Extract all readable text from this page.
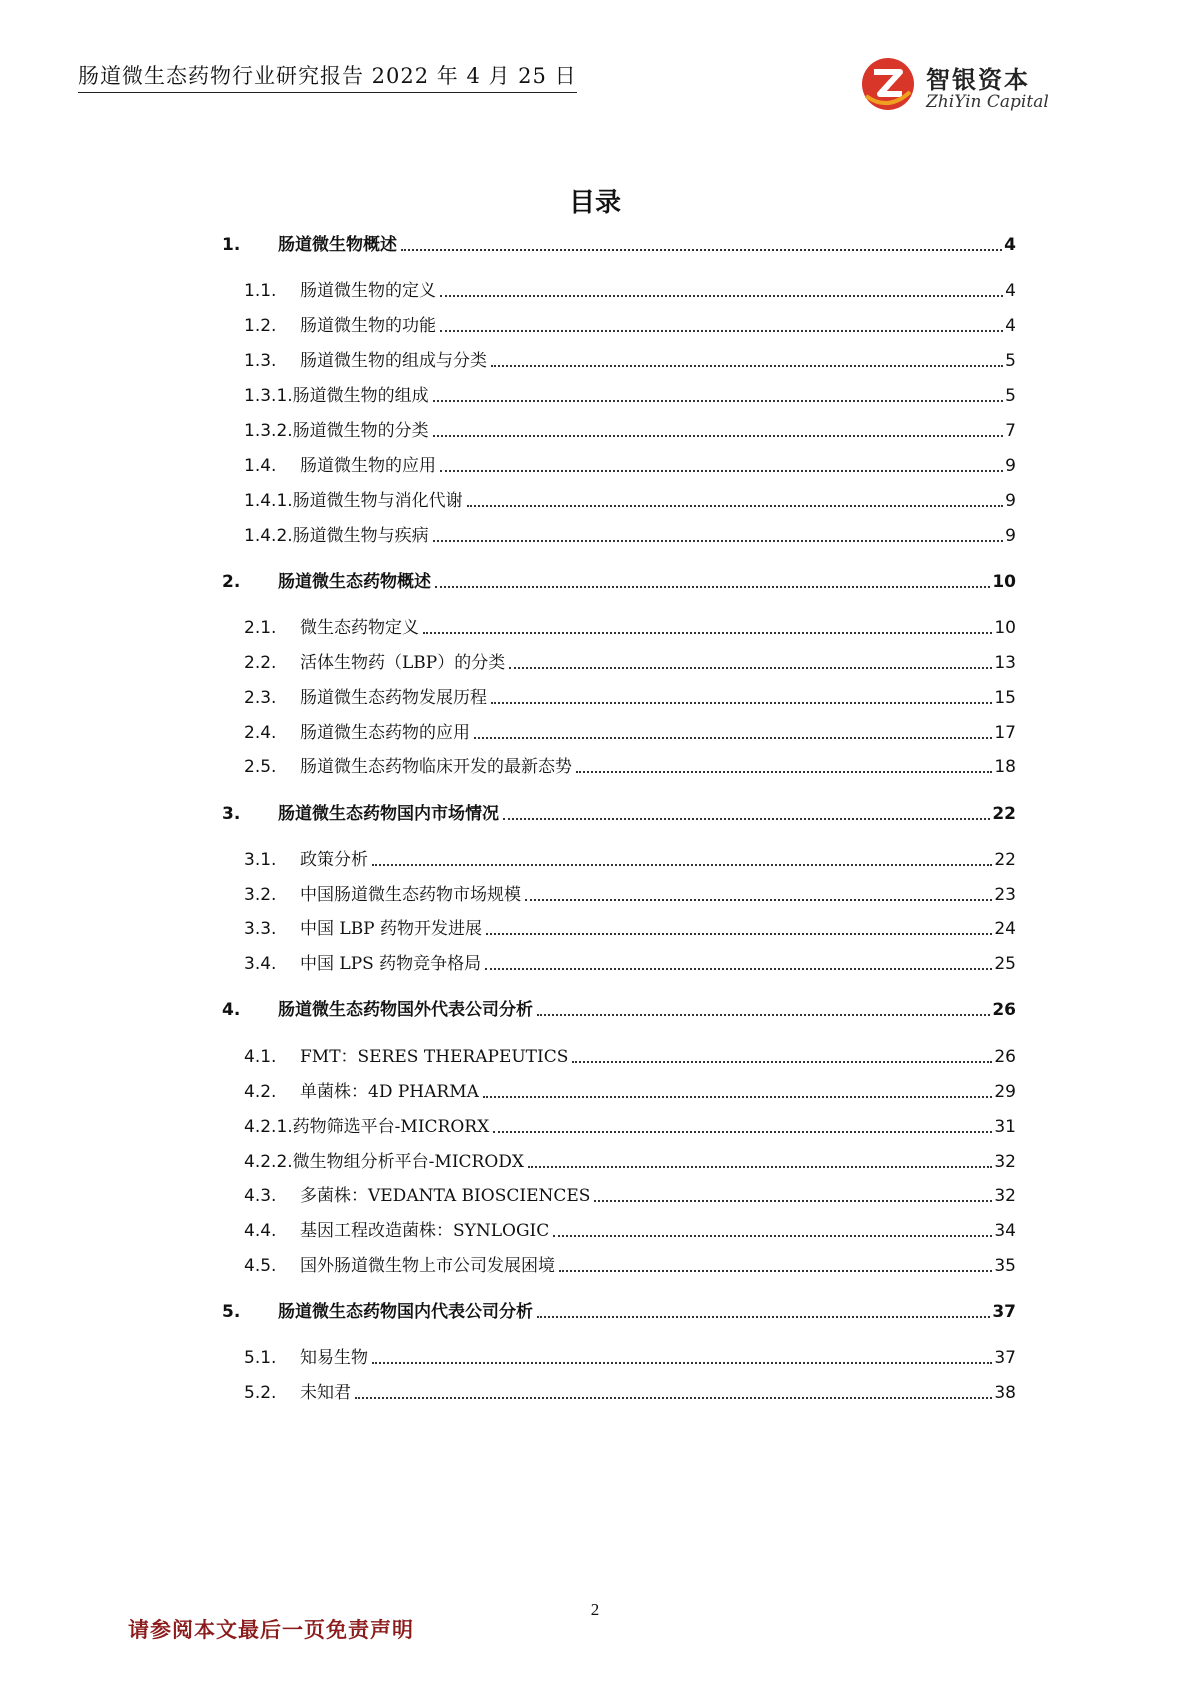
肠道微生态药物行业研究报告 2022 年 4 月 25 日	智银资本
ZhiYin Capital
目录
1.	肠道微生物概述	4
1.1.	肠道微生物的定义	4
1.2.	肠道微生物的功能	4
1.3.	肠道微生物的组成与分类	5
1.3.1. 肠道微生物的组成	5
1.3.2. 肠道微生物的分类	7
1.4.	肠道微生物的应用	9
1.4.1. 肠道微生物与消化代谢	9
1.4.2. 肠道微生物与疾病	9
2.	肠道微生态药物概述	10
2.1.	微生态药物定义	10
2.2.	活体生物药（LBP）的分类	13
2.3.	肠道微生态药物发展历程	15
2.4.	肠道微生态药物的应用	17
2.5.	肠道微生态药物临床开发的最新态势	18
3.	肠道微生态药物国内市场情况	22
3.1.	政策分析	22
3.2.	中国肠道微生态药物市场规模	23
3.3.	中国 LBP 药物开发进展	24
3.4.	中国 LPS 药物竞争格局	25
4.	肠道微生态药物国外代表公司分析	26
4.1.	FMT：SERES THERAPEUTICS	26
4.2.	单菌株：4D PHARMA	29
4.2.1. 药物筛选平台-MICRORX	31
4.2.2. 微生物组分析平台-MICRODX	32
4.3.	多菌株：VEDANTA BIOSCIENCES	32
4.4.	基因工程改造菌株：SYNLOGIC	34
4.5.	国外肠道微生物上市公司发展困境	35
5.	肠道微生态药物国内代表公司分析	37
5.1.	知易生物	37
5.2.	未知君	38
2
请参阅本文最后一页免责声明
